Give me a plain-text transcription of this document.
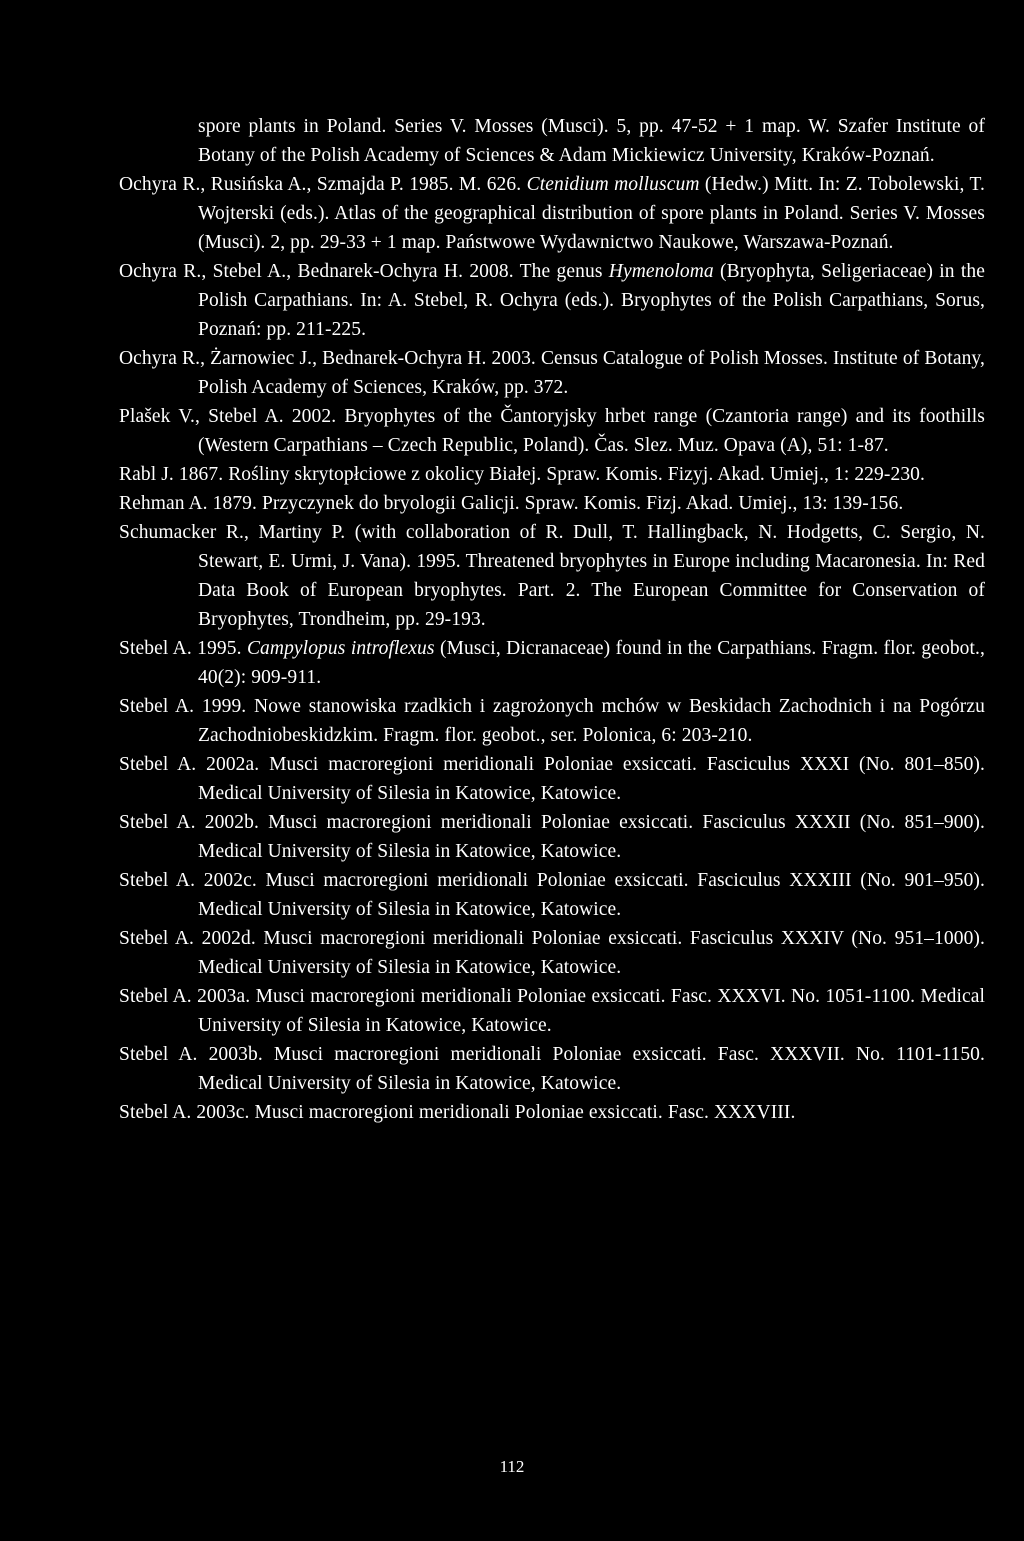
spore plants in Poland. Series V. Mosses (Musci). 5, pp. 47-52 + 1 map. W. Szafer Institute of Botany of the Polish Academy of Sciences & Adam Mickiewicz University, Kraków-Poznań.

Ochyra R., Rusińska A., Szmajda P. 1985. M. 626. Ctenidium molluscum (Hedw.) Mitt. In: Z. Tobolewski, T. Wojterski (eds.). Atlas of the geographical distribution of spore plants in Poland. Series V. Mosses (Musci). 2, pp. 29-33 + 1 map. Państwowe Wydawnictwo Naukowe, Warszawa-Poznań.

Ochyra R., Stebel A., Bednarek-Ochyra H. 2008. The genus Hymenoloma (Bryophyta, Seligeriaceae) in the Polish Carpathians. In: A. Stebel, R. Ochyra (eds.). Bryophytes of the Polish Carpathians, Sorus, Poznań: pp. 211-225.

Ochyra R., Żarnowiec J., Bednarek-Ochyra H. 2003. Census Catalogue of Polish Mosses. Institute of Botany, Polish Academy of Sciences, Kraków, pp. 372.

Plašek V., Stebel A. 2002. Bryophytes of the Čantoryjsky hrbet range (Czantoria range) and its foothills (Western Carpathians – Czech Republic, Poland). Čas. Slez. Muz. Opava (A), 51: 1-87.

Rabl J. 1867. Rośliny skrytopłciowe z okolicy Białej. Spraw. Komis. Fizyj. Akad. Umiej., 1: 229-230.

Rehman A. 1879. Przyczynek do bryologii Galicji. Spraw. Komis. Fizj. Akad. Umiej., 13: 139-156.

Schumacker R., Martiny P. (with collaboration of R. Dull, T. Hallingback, N. Hodgetts, C. Sergio, N. Stewart, E. Urmi, J. Vana). 1995. Threatened bryophytes in Europe including Macaronesia. In: Red Data Book of European bryophytes. Part. 2. The European Committee for Conservation of Bryophytes, Trondheim, pp. 29-193.

Stebel A. 1995. Campylopus introflexus (Musci, Dicranaceae) found in the Carpathians. Fragm. flor. geobot., 40(2): 909-911.

Stebel A. 1999. Nowe stanowiska rzadkich i zagrożonych mchów w Beskidach Zachodnich i na Pogórzu Zachodniobeskidzkim. Fragm. flor. geobot., ser. Polonica, 6: 203-210.

Stebel A. 2002a. Musci macroregioni meridionali Poloniae exsiccati. Fasciculus XXXI (No. 801–850). Medical University of Silesia in Katowice, Katowice.

Stebel A. 2002b. Musci macroregioni meridionali Poloniae exsiccati. Fasciculus XXXII (No. 851–900). Medical University of Silesia in Katowice, Katowice.

Stebel A. 2002c. Musci macroregioni meridionali Poloniae exsiccati. Fasciculus XXXIII (No. 901–950). Medical University of Silesia in Katowice, Katowice.

Stebel A. 2002d. Musci macroregioni meridionali Poloniae exsiccati. Fasciculus XXXIV (No. 951–1000). Medical University of Silesia in Katowice, Katowice.

Stebel A. 2003a. Musci macroregioni meridionali Poloniae exsiccati. Fasc. XXXVI. No. 1051-1100. Medical University of Silesia in Katowice, Katowice.

Stebel A. 2003b. Musci macroregioni meridionali Poloniae exsiccati. Fasc. XXXVII. No. 1101-1150. Medical University of Silesia in Katowice, Katowice.

Stebel A. 2003c. Musci macroregioni meridionali Poloniae exsiccati. Fasc. XXXVIII.

112
